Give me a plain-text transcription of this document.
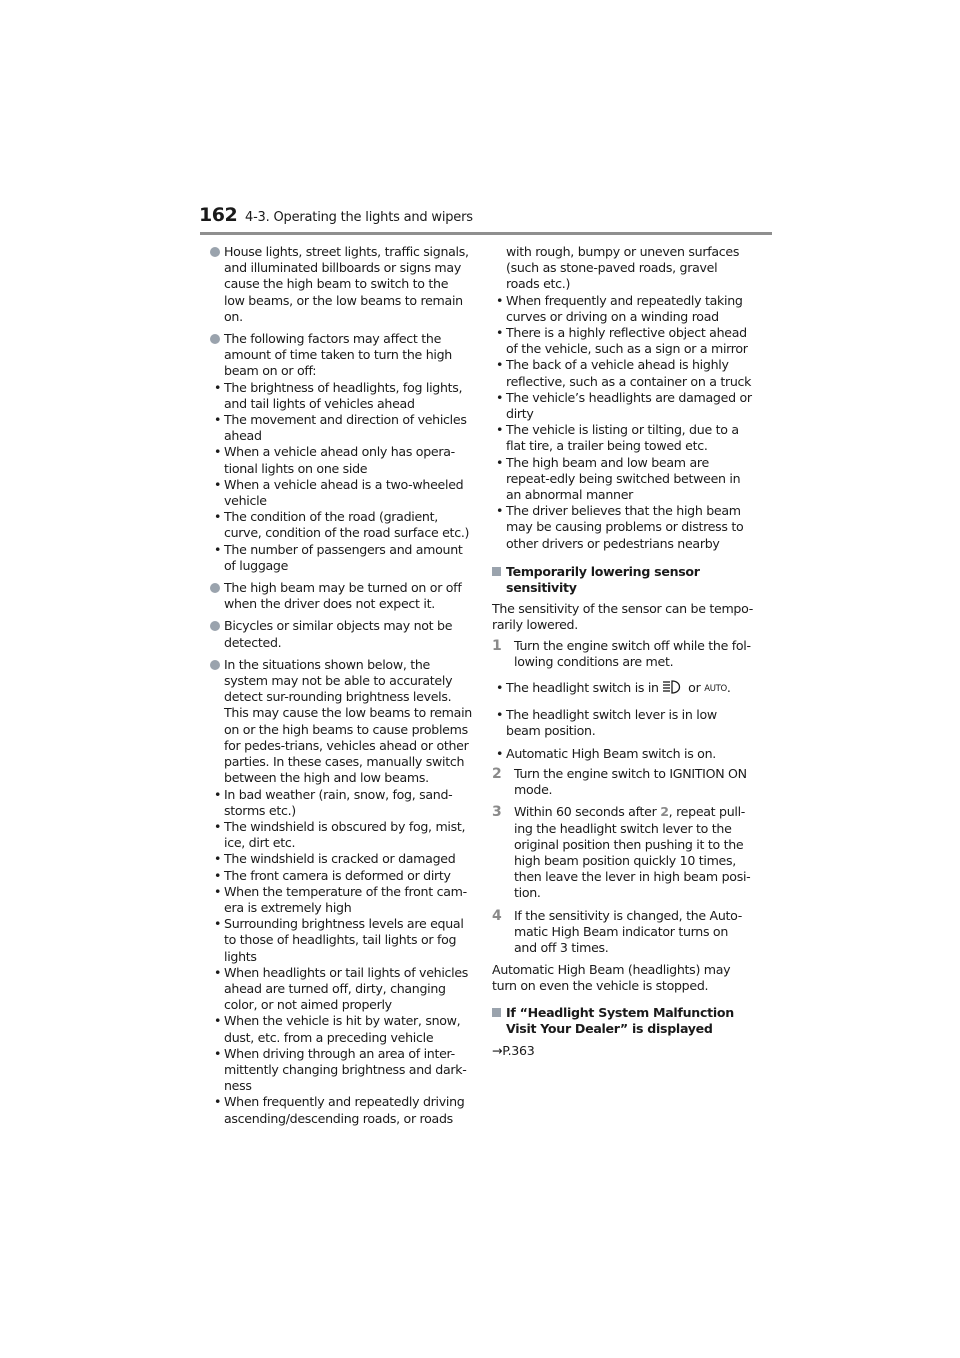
162 4-3. Operating the lights and wipers
House lights, street lights, traffic signals, and illuminated billboards or signs may cause the high beam to switch to the low beams, or the low beams to remain on.
The following factors may affect the amount of time taken to turn the high beam on or off:
• The brightness of headlights, fog lights, and tail lights of vehicles ahead
• The movement and direction of vehicles ahead
• When a vehicle ahead only has opera-tional lights on one side
• When a vehicle ahead is a two-wheeled vehicle
• The condition of the road (gradient, curve, condition of the road surface etc.)
• The number of passengers and amount of luggage
The high beam may be turned on or off when the driver does not expect it.
Bicycles or similar objects may not be detected.
In the situations shown below, the system may not be able to accurately detect sur-rounding brightness levels. This may cause the low beams to remain on or the high beams to cause problems for pedes-trians, vehicles ahead or other parties. In these cases, manually switch between the high and low beams.
• In bad weather (rain, snow, fog, sand-storms etc.)
• The windshield is obscured by fog, mist, ice, dirt etc.
• The windshield is cracked or damaged
• The front camera is deformed or dirty
• When the temperature of the front cam-era is extremely high
• Surrounding brightness levels are equal to those of headlights, tail lights or fog lights
• When headlights or tail lights of vehicles ahead are turned off, dirty, changing color, or not aimed properly
• When the vehicle is hit by water, snow, dust, etc. from a preceding vehicle
• When driving through an area of inter-mittently changing brightness and dark-ness
• When frequently and repeatedly driving ascending/descending roads, or roads
with rough, bumpy or uneven surfaces (such as stone-paved roads, gravel roads etc.)
• When frequently and repeatedly taking curves or driving on a winding road
• There is a highly reflective object ahead of the vehicle, such as a sign or a mirror
• The back of a vehicle ahead is highly reflective, such as a container on a truck
• The vehicle’s headlights are damaged or dirty
• The vehicle is listing or tilting, due to a flat tire, a trailer being towed etc.
• The high beam and low beam are repeat-edly being switched between in an abnormal manner
• The driver believes that the high beam may be causing problems or distress to other drivers or pedestrians nearby
Temporarily lowering sensor sensitivity
The sensitivity of the sensor can be tempo-rarily lowered.
1 Turn the engine switch off while the fol-lowing conditions are met.
• The headlight switch is in or AUTO.
• The headlight switch lever is in low beam position.
• Automatic High Beam switch is on.
2 Turn the engine switch to IGNITION ON mode.
3 Within 60 seconds after 2, repeat pull-ing the headlight switch lever to the original position then pushing it to the high beam position quickly 10 times, then leave the lever in high beam posi-tion.
4 If the sensitivity is changed, the Auto-matic High Beam indicator turns on and off 3 times.
Automatic High Beam (headlights) may turn on even the vehicle is stopped.
If “Headlight System Malfunction Visit Your Dealer” is displayed
→P.363
